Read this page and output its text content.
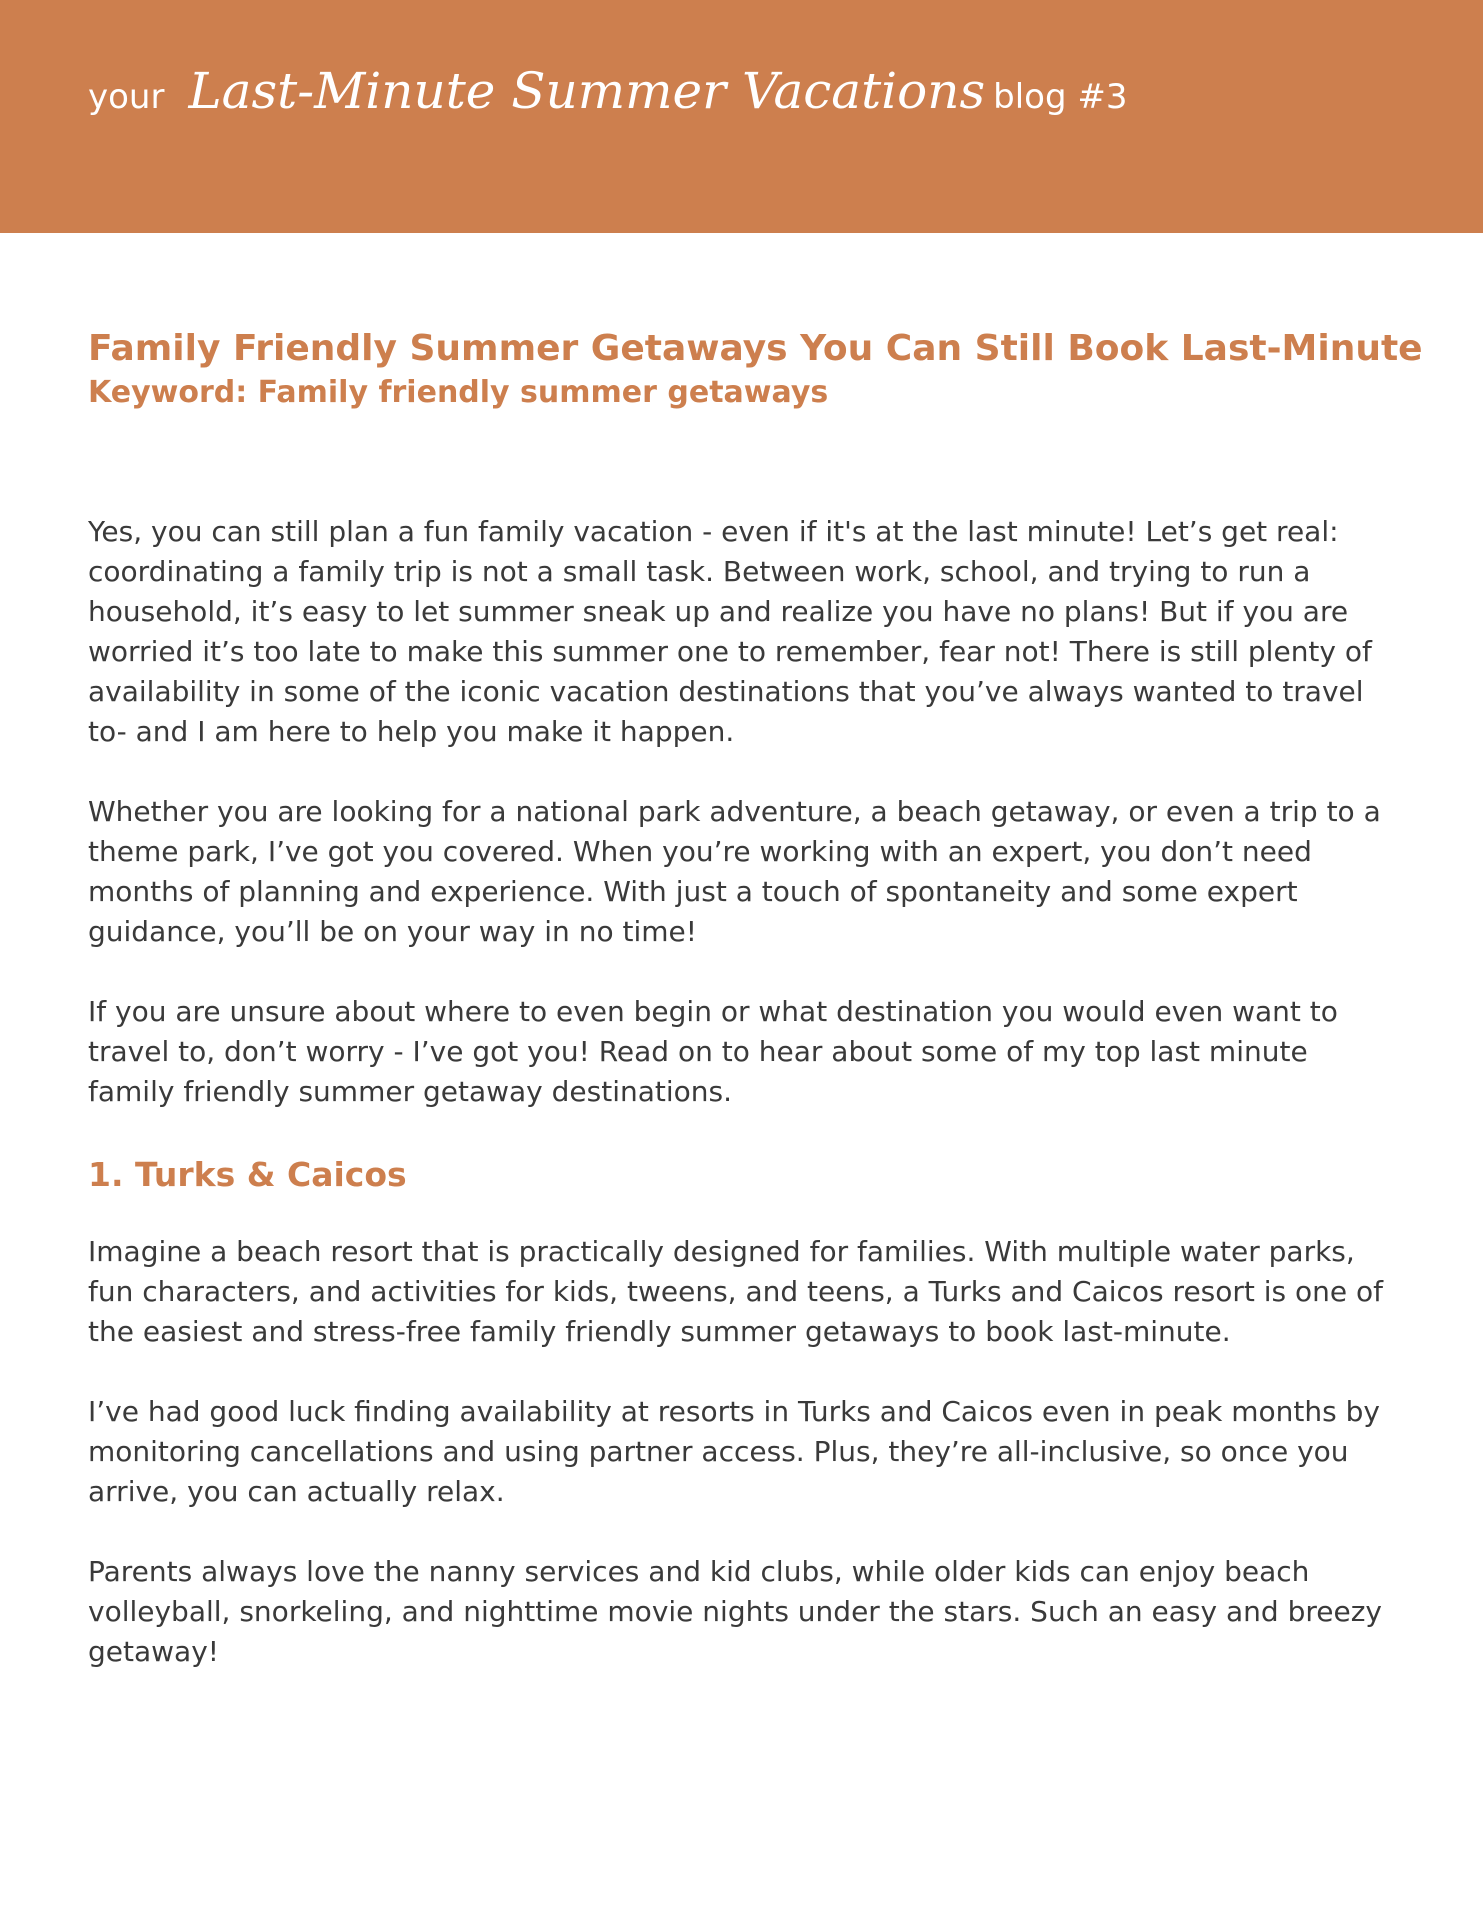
your Last-Minute Summer Vacations blog #3
Family Friendly Summer Getaways You Can Still Book Last-Minute
Keyword: Family friendly summer getaways

Yes, you can still plan a fun family vacation - even if it's at the last minute! Let’s get real: coordinating a family trip is not a small task. Between work, school, and trying to run a household, it’s easy to let summer sneak up and realize you have no plans! But if you are worried it’s too late to make this summer one to remember, fear not! There is still plenty of availability in some of the iconic vacation destinations that you’ve always wanted to travel to- and I am here to help you make it happen.

Whether you are looking for a national park adventure, a beach getaway, or even a trip to a theme park, I’ve got you covered. When you’re working with an expert, you don’t need months of planning and experience. With just a touch of spontaneity and some expert guidance, you’ll be on your way in no time!

If you are unsure about where to even begin or what destination you would even want to travel to, don’t worry - I’ve got you! Read on to hear about some of my top last minute family friendly summer getaway destinations.

1. Turks & Caicos

Imagine a beach resort that is practically designed for families. With multiple water parks, fun characters, and activities for kids, tweens, and teens, a Turks and Caicos resort is one of the easiest and stress-free family friendly summer getaways to book last-minute.

I’ve had good luck finding availability at resorts in Turks and Caicos even in peak months by monitoring cancellations and using partner access. Plus, they’re all-inclusive, so once you arrive, you can actually relax.

Parents always love the nanny services and kid clubs, while older kids can enjoy beach volleyball, snorkeling, and nighttime movie nights under the stars. Such an easy and breezy getaway!
